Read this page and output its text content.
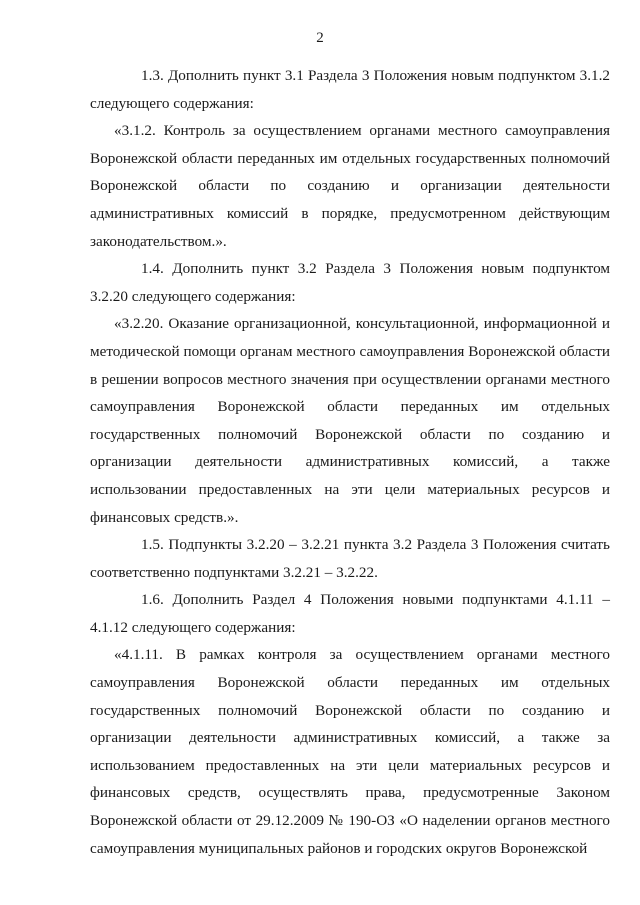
2

1.3. Дополнить пункт 3.1 Раздела 3 Положения новым подпунктом 3.1.2 следующего содержания:

«3.1.2. Контроль за осуществлением органами местного самоуправления Воронежской области переданных им отдельных государственных полномочий Воронежской области по созданию и организации деятельности административных комиссий в порядке, предусмотренном действующим законодательством.».

1.4. Дополнить пункт 3.2 Раздела 3 Положения новым подпунктом 3.2.20 следующего содержания:

«3.2.20. Оказание организационной, консультационной, информационной и методической помощи органам местного самоуправления Воронежской области в решении вопросов местного значения при осуществлении органами местного самоуправления Воронежской области переданных им отдельных государственных полномочий Воронежской области по созданию и организации деятельности административных комиссий, а также использовании предоставленных на эти цели материальных ресурсов и финансовых средств.».

1.5. Подпункты 3.2.20 – 3.2.21 пункта 3.2 Раздела 3 Положения считать соответственно подпунктами 3.2.21 – 3.2.22.

1.6. Дополнить Раздел 4 Положения новыми подпунктами 4.1.11 – 4.1.12 следующего содержания:

«4.1.11. В рамках контроля за осуществлением органами местного самоуправления Воронежской области переданных им отдельных государственных полномочий Воронежской области по созданию и организации деятельности административных комиссий, а также за использованием предоставленных на эти цели материальных ресурсов и финансовых средств, осуществлять права, предусмотренные Законом Воронежской области от 29.12.2009 № 190-ОЗ «О наделении органов местного самоуправления муниципальных районов и городских округов Воронежской
